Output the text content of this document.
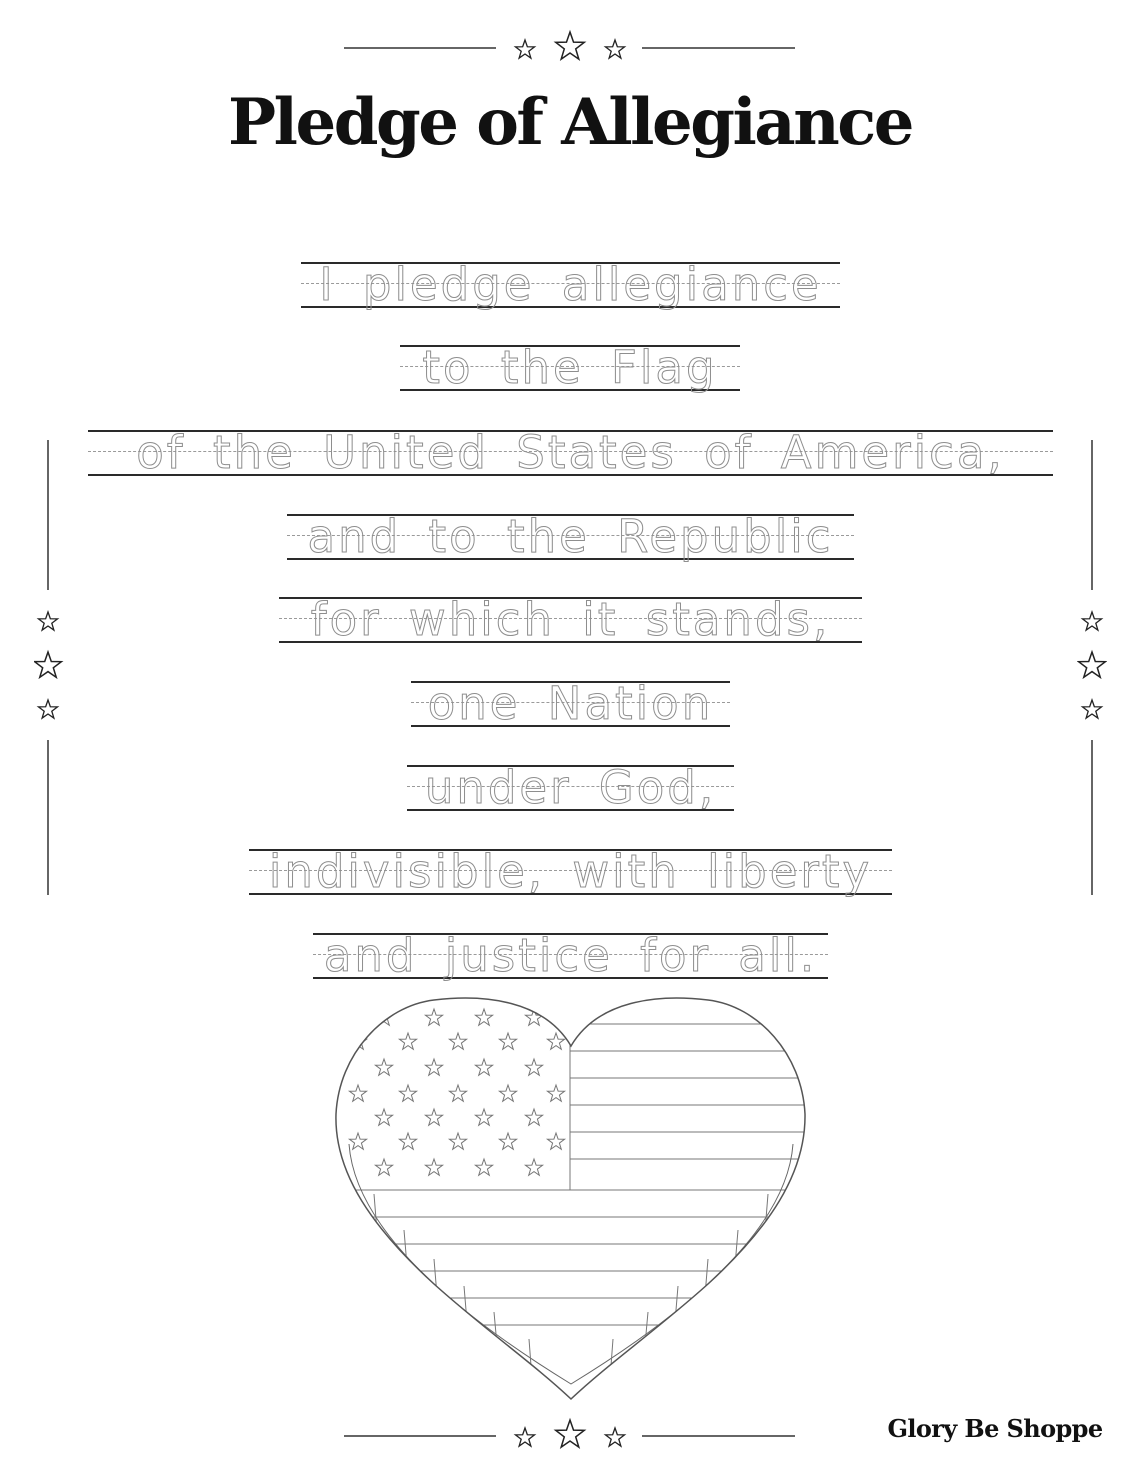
Pledge of Allegiance
I pledge allegiance
to the Flag
of the United States of America,
and to the Republic
for which it stands,
one Nation
under God,
indivisible, with liberty
and justice for all.

Glory Be Shoppe
